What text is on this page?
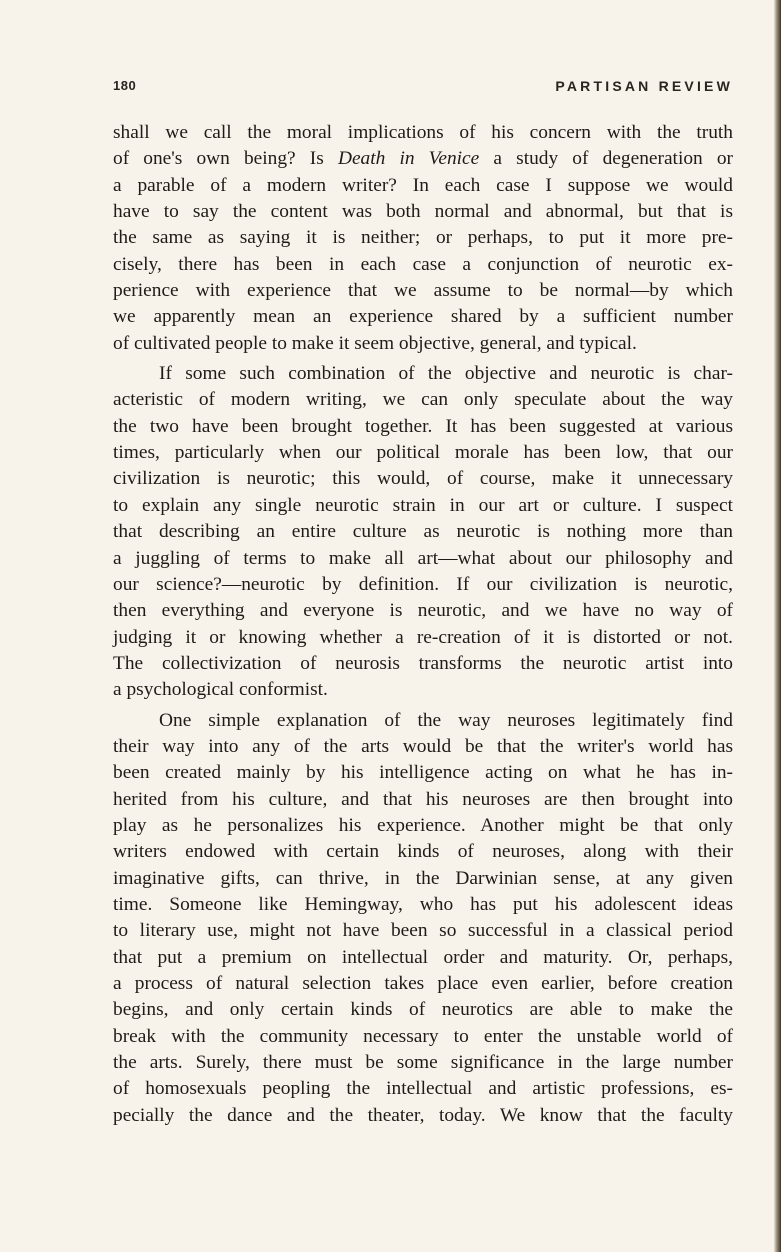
180	PARTISAN REVIEW

shall we call the moral implications of his concern with the truth
of one's own being? Is Death in Venice a study of degeneration or
a parable of a modern writer? In each case I suppose we would
have to say the content was both normal and abnormal, but that is
the same as saying it is neither; or perhaps, to put it more pre-
cisely, there has been in each case a conjunction of neurotic ex-
perience with experience that we assume to be normal—by which
we apparently mean an experience shared by a sufficient number
of cultivated people to make it seem objective, general, and typical.

If some such combination of the objective and neurotic is char-
acteristic of modern writing, we can only speculate about the way
the two have been brought together. It has been suggested at various
times, particularly when our political morale has been low, that our
civilization is neurotic; this would, of course, make it unnecessary
to explain any single neurotic strain in our art or culture. I suspect
that describing an entire culture as neurotic is nothing more than
a juggling of terms to make all art—what about our philosophy and
our science?—neurotic by definition. If our civilization is neurotic,
then everything and everyone is neurotic, and we have no way of
judging it or knowing whether a re-creation of it is distorted or not.
The collectivization of neurosis transforms the neurotic artist into
a psychological conformist.

One simple explanation of the way neuroses legitimately find
their way into any of the arts would be that the writer's world has
been created mainly by his intelligence acting on what he has in-
herited from his culture, and that his neuroses are then brought into
play as he personalizes his experience. Another might be that only
writers endowed with certain kinds of neuroses, along with their
imaginative gifts, can thrive, in the Darwinian sense, at any given
time. Someone like Hemingway, who has put his adolescent ideas
to literary use, might not have been so successful in a classical period
that put a premium on intellectual order and maturity. Or, perhaps,
a process of natural selection takes place even earlier, before creation
begins, and only certain kinds of neurotics are able to make the
break with the community necessary to enter the unstable world of
the arts. Surely, there must be some significance in the large number
of homosexuals peopling the intellectual and artistic professions, es-
pecially the dance and the theater, today. We know that the faculty
